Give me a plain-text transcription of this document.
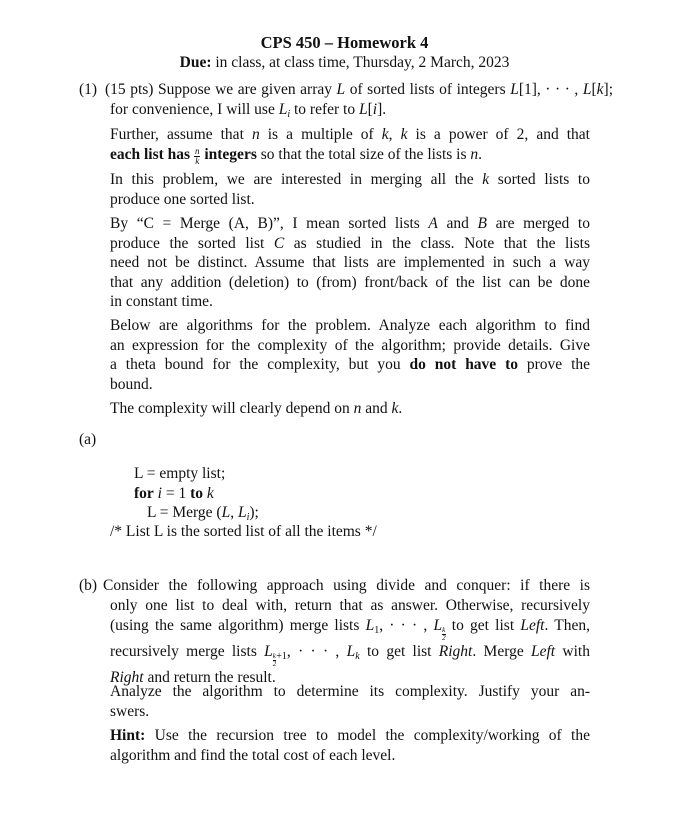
CPS 450 – Homework 4
Due: in class, at class time, Thursday, 2 March, 2023
(1) (15 pts) Suppose we are given array L of sorted lists of integers L[1], · · · , L[k];
for convenience, I will use $L_i$ to refer to L[i].
Further, assume that n is a multiple of k, k is a power of 2, and that
each list has $\frac{n}{k}$ integers so that the total size of the lists is n.
In this problem, we are interested in merging all the k sorted lists to
produce one sorted list.
By “C = Merge (A, B)”, I mean sorted lists A and B are merged to
produce the sorted list C as studied in the class. Note that the lists
need not be distinct. Assume that lists are implemented in such a way
that any addition (deletion) to (from) front/back of the list can be done
in constant time.
Below are algorithms for the problem. Analyze each algorithm to find
an expression for the complexity of the algorithm; provide details. Give
a theta bound for the complexity, but you do not have to prove the
bound.
The complexity will clearly depend on n and k.
(a)
L = empty list;
for i = 1 to k
L = Merge (L, $L_i$);
/* List L is the sorted list of all the items */
(b) Consider the following approach using divide and conquer: if there is
only one list to deal with, return that as answer. Otherwise, recursively
(using the same algorithm) merge lists $L_1$, · · · , L
$_{\frac{k}{2}}$
to get list Left. Then,
recursively merge lists L
$_{\frac{k}{2} +1}$, · · · , $L_k$ to get list Right. Merge Left with
Right and return the result.
Analyze the algorithm to determine its complexity. Justify your an-
swers.
Hint: Use the recursion tree to model the complexity/working of the
algorithm and find the total cost of each level.
